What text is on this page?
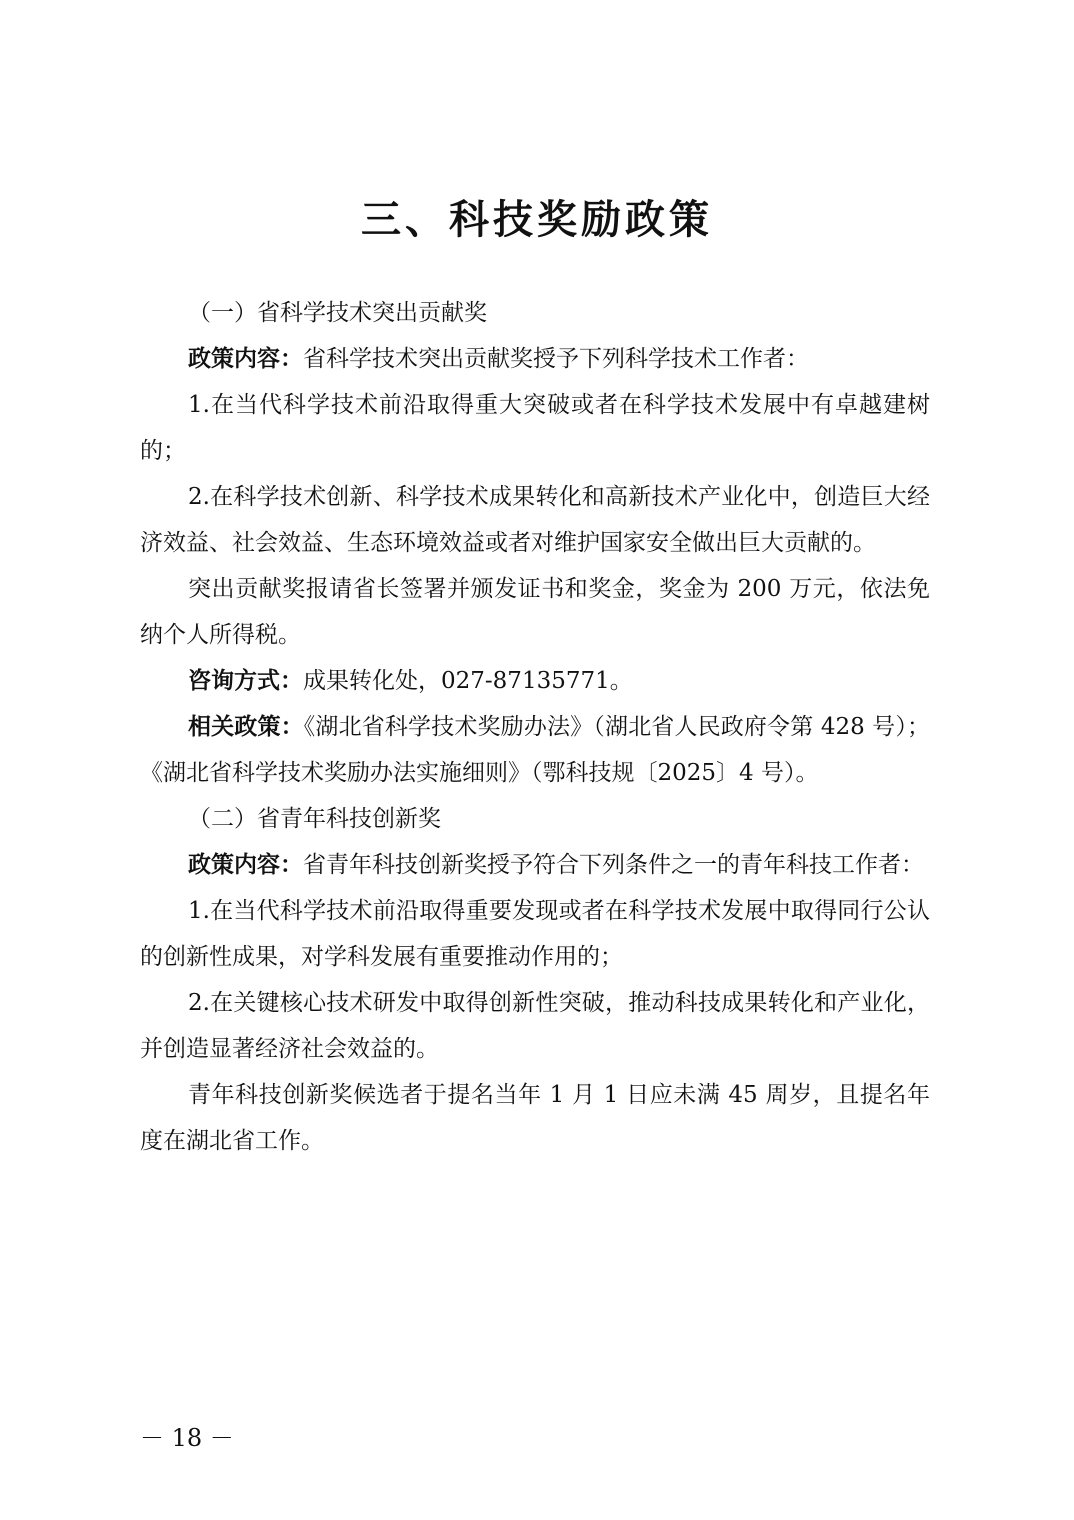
三、科技奖励政策

（一）省科学技术突出贡献奖

政策内容：省科学技术突出贡献奖授予下列科学技术工作者：

1.在当代科学技术前沿取得重大突破或者在科学技术发展中有卓越建树的；

2.在科学技术创新、科学技术成果转化和高新技术产业化中，创造巨大经济效益、社会效益、生态环境效益或者对维护国家安全做出巨大贡献的。

突出贡献奖报请省长签署并颁发证书和奖金，奖金为 200 万元，依法免纳个人所得税。

咨询方式：成果转化处，027-87135771。

相关政策：《湖北省科学技术奖励办法》（湖北省人民政府令第 428 号）；《湖北省科学技术奖励办法实施细则》（鄂科技规〔2025〕4 号）。

（二）省青年科技创新奖

政策内容：省青年科技创新奖授予符合下列条件之一的青年科技工作者：

1.在当代科学技术前沿取得重要发现或者在科学技术发展中取得同行公认的创新性成果，对学科发展有重要推动作用的；

2.在关键核心技术研发中取得创新性突破，推动科技成果转化和产业化，并创造显著经济社会效益的。

青年科技创新奖候选者于提名当年 1 月 1 日应未满 45 周岁，且提名年度在湖北省工作。

－ 18 －
